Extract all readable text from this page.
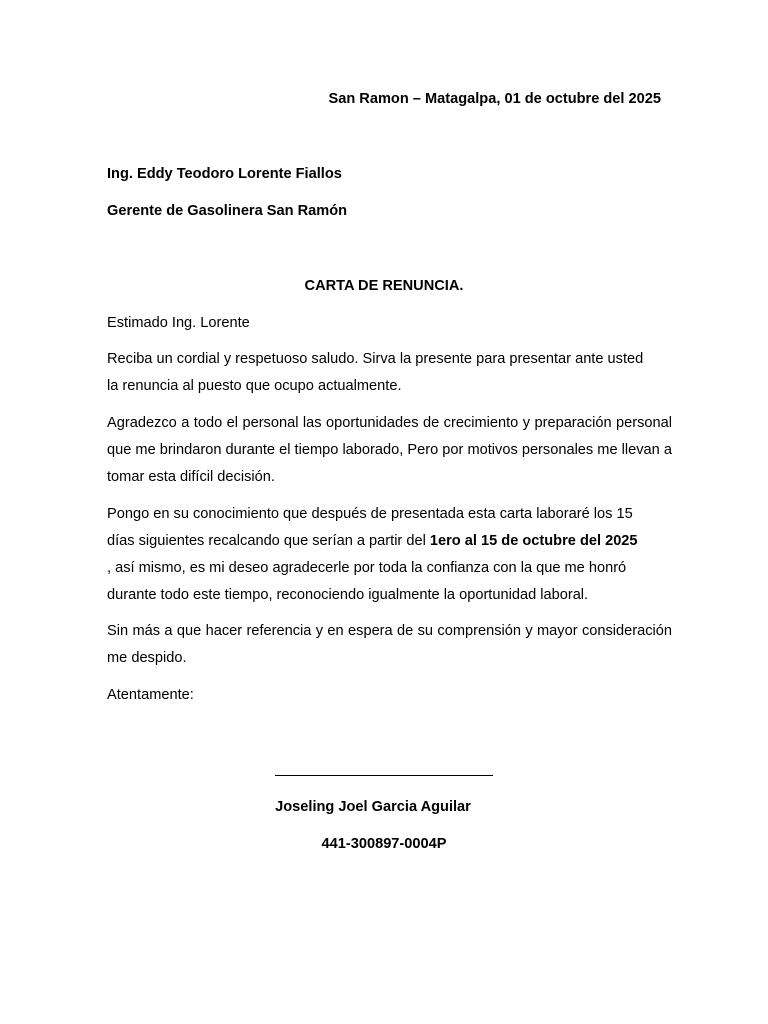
San Ramon – Matagalpa, 01 de octubre del 2025
Ing. Eddy Teodoro Lorente Fiallos
Gerente de Gasolinera San Ramón
CARTA DE RENUNCIA.
Estimado Ing. Lorente
Reciba un cordial y respetuoso saludo. Sirva la presente para presentar ante usted
la renuncia al puesto que ocupo actualmente.
Agradezco a todo el personal las oportunidades de crecimiento y preparación personal que me brindaron durante el tiempo laborado, Pero por motivos personales me llevan a tomar esta difícil decisión.
Pongo en su conocimiento que después de presentada esta carta laboraré los 15
días siguientes recalcando que serían a partir del 1ero al 15 de octubre del 2025
, así mismo, es mi deseo agradecerle por toda la confianza con la que me honró
durante todo este tiempo, reconociendo igualmente la oportunidad laboral.
Sin más a que hacer referencia y en espera de su comprensión y mayor consideración me despido.
Atentamente:
Joseling Joel Garcia Aguilar
441-300897-0004P
